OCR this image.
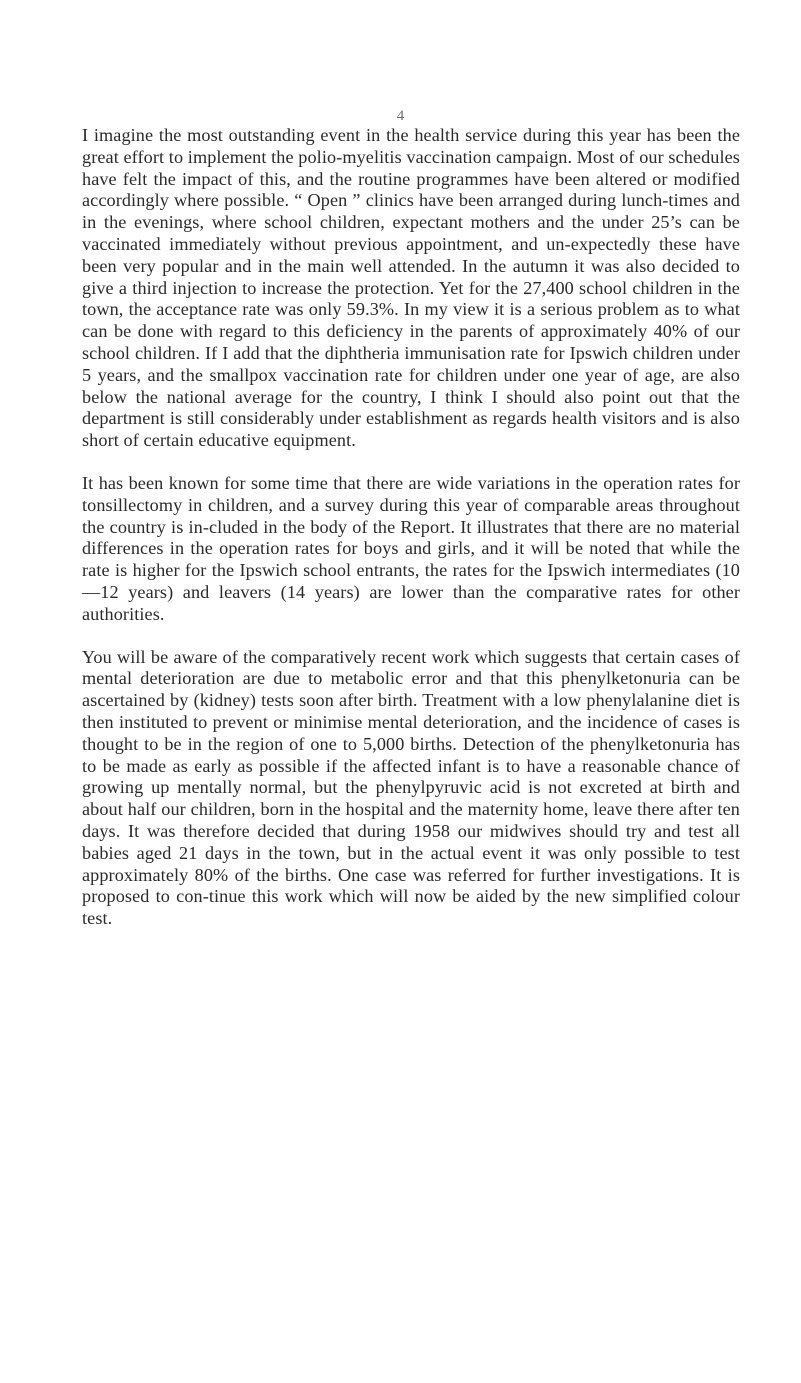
4

I imagine the most outstanding event in the health service during this year has been the great effort to implement the polio-myelitis vaccination campaign. Most of our schedules have felt the impact of this, and the routine programmes have been altered or modified accordingly where possible. “ Open ” clinics have been arranged during lunch-times and in the evenings, where school children, expectant mothers and the under 25’s can be vaccinated immediately without previous appointment, and un-expectedly these have been very popular and in the main well attended. In the autumn it was also decided to give a third injection to increase the protection. Yet for the 27,400 school children in the town, the acceptance rate was only 59.3%. In my view it is a serious problem as to what can be done with regard to this deficiency in the parents of approximately 40% of our school children. If I add that the diphtheria immunisation rate for Ipswich children under 5 years, and the smallpox vaccination rate for children under one year of age, are also below the national average for the country, I think I should also point out that the department is still considerably under establishment as regards health visitors and is also short of certain educative equipment.

It has been known for some time that there are wide variations in the operation rates for tonsillectomy in children, and a survey during this year of comparable areas throughout the country is in-cluded in the body of the Report. It illustrates that there are no material differences in the operation rates for boys and girls, and it will be noted that while the rate is higher for the Ipswich school entrants, the rates for the Ipswich intermediates (10—12 years) and leavers (14 years) are lower than the comparative rates for other authorities.

You will be aware of the comparatively recent work which suggests that certain cases of mental deterioration are due to metabolic error and that this phenylketonuria can be ascertained by (kidney) tests soon after birth. Treatment with a low phenylalanine diet is then instituted to prevent or minimise mental deterioration, and the incidence of cases is thought to be in the region of one to 5,000 births. Detection of the phenylketonuria has to be made as early as possible if the affected infant is to have a reasonable chance of growing up mentally normal, but the phenylpyruvic acid is not excreted at birth and about half our children, born in the hospital and the maternity home, leave there after ten days. It was therefore decided that during 1958 our midwives should try and test all babies aged 21 days in the town, but in the actual event it was only possible to test approximately 80% of the births. One case was referred for further investigations. It is proposed to con-tinue this work which will now be aided by the new simplified colour test.
